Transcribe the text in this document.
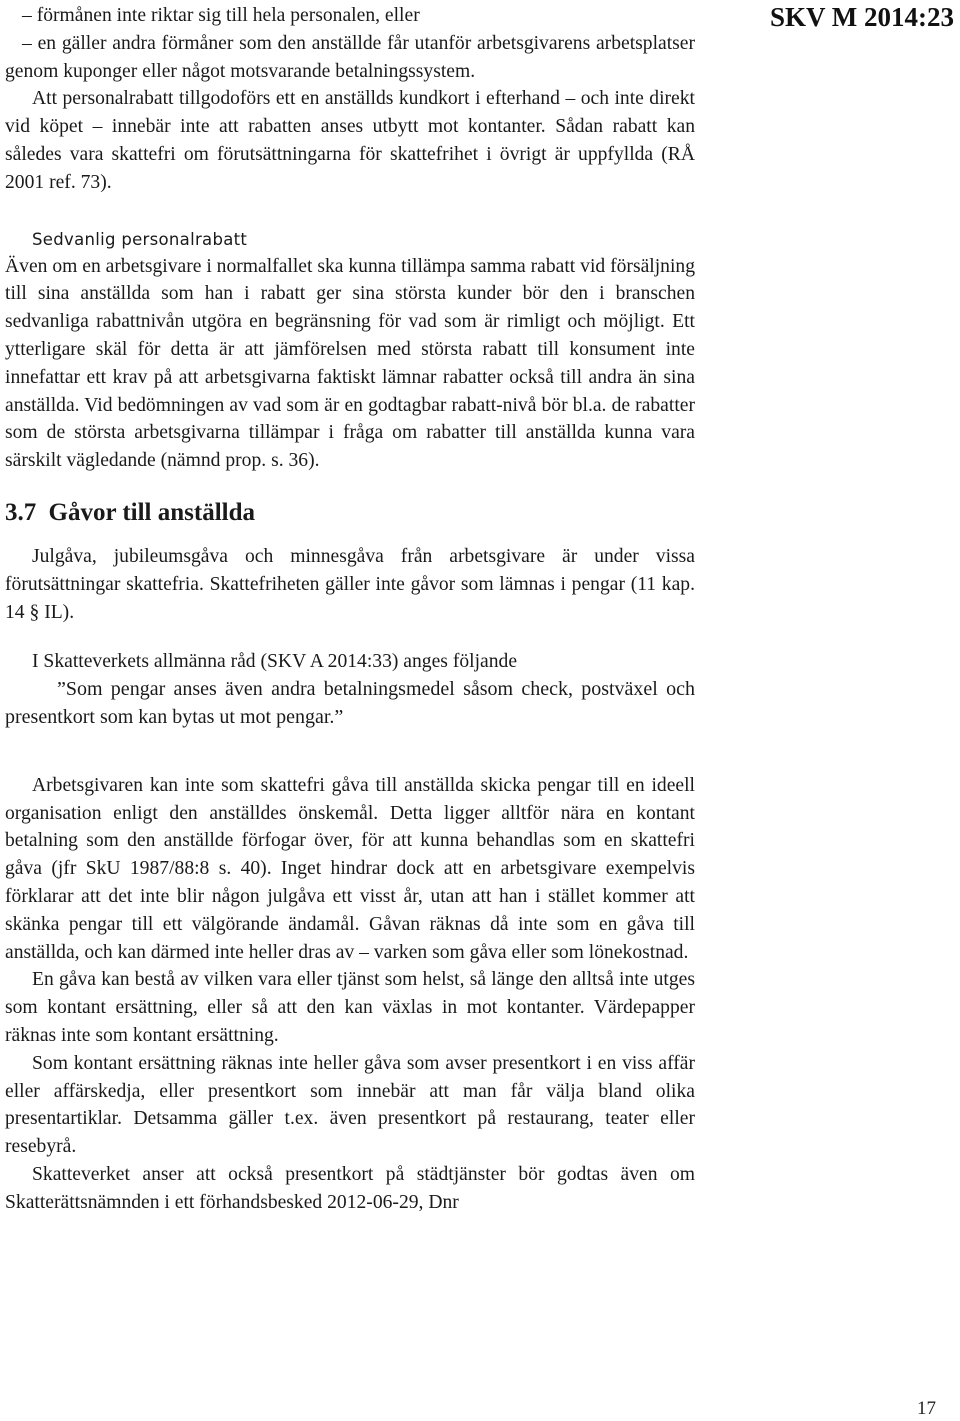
SKV M 2014:23

– förmånen inte riktar sig till hela personalen, eller

– en gäller andra förmåner som den anställde får utanför arbetsgivarens arbetsplatser genom kuponger eller något motsvarande betalningssystem.

Att personalrabatt tillgodoförs ett en anställds kundkort i efterhand – och inte direkt vid köpet – innebär inte att rabatten anses utbytt mot kontanter. Sådan rabatt kan således vara skattefri om förutsättningarna för skattefrihet i övrigt är uppfyllda (RÅ 2001 ref. 73).

Sedvanlig personalrabatt

Även om en arbetsgivare i normalfallet ska kunna tillämpa samma rabatt vid försäljning till sina anställda som han i rabatt ger sina största kunder bör den i branschen sedvanliga rabattnivån utgöra en begränsning för vad som är rimligt och möjligt. Ett ytterligare skäl för detta är att jämförelsen med största rabatt till konsument inte innefattar ett krav på att arbetsgivarna faktiskt lämnar rabatter också till andra än sina anställda. Vid bedömningen av vad som är en godtagbar rabatt-nivå bör bl.a. de rabatter som de största arbetsgivarna tillämpar i fråga om rabatter till anställda kunna vara särskilt vägledande (nämnd prop. s. 36).

3.7 Gåvor till anställda

Julgåva, jubileumsgåva och minnesgåva från arbetsgivare är under vissa förutsättningar skattefria. Skattefriheten gäller inte gåvor som lämnas i pengar (11 kap. 14 § IL).

I Skatteverkets allmänna råd (SKV A 2014:33) anges följande

”Som pengar anses även andra betalningsmedel såsom check, postväxel och presentkort som kan bytas ut mot pengar.”

Arbetsgivaren kan inte som skattefri gåva till anställda skicka pengar till en ideell organisation enligt den anställdes önskemål. Detta ligger alltför nära en kontant betalning som den anställde förfogar över, för att kunna behandlas som en skattefri gåva (jfr SkU 1987/88:8 s. 40). Inget hindrar dock att en arbetsgivare exempelvis förklarar att det inte blir någon julgåva ett visst år, utan att han i stället kommer att skänka pengar till ett välgörande ändamål. Gåvan räknas då inte som en gåva till anställda, och kan därmed inte heller dras av – varken som gåva eller som lönekostnad.

En gåva kan bestå av vilken vara eller tjänst som helst, så länge den alltså inte utges som kontant ersättning, eller så att den kan växlas in mot kontanter. Värdepapper räknas inte som kontant ersättning.

Som kontant ersättning räknas inte heller gåva som avser presentkort i en viss affär eller affärskedja, eller presentkort som innebär att man får välja bland olika presentartiklar. Detsamma gäller t.ex. även presentkort på restaurang, teater eller resebyrå.

Skatteverket anser att också presentkort på städtjänster bör godtas även om Skatterättsnämnden i ett förhandsbesked 2012-06-29, Dnr

17
